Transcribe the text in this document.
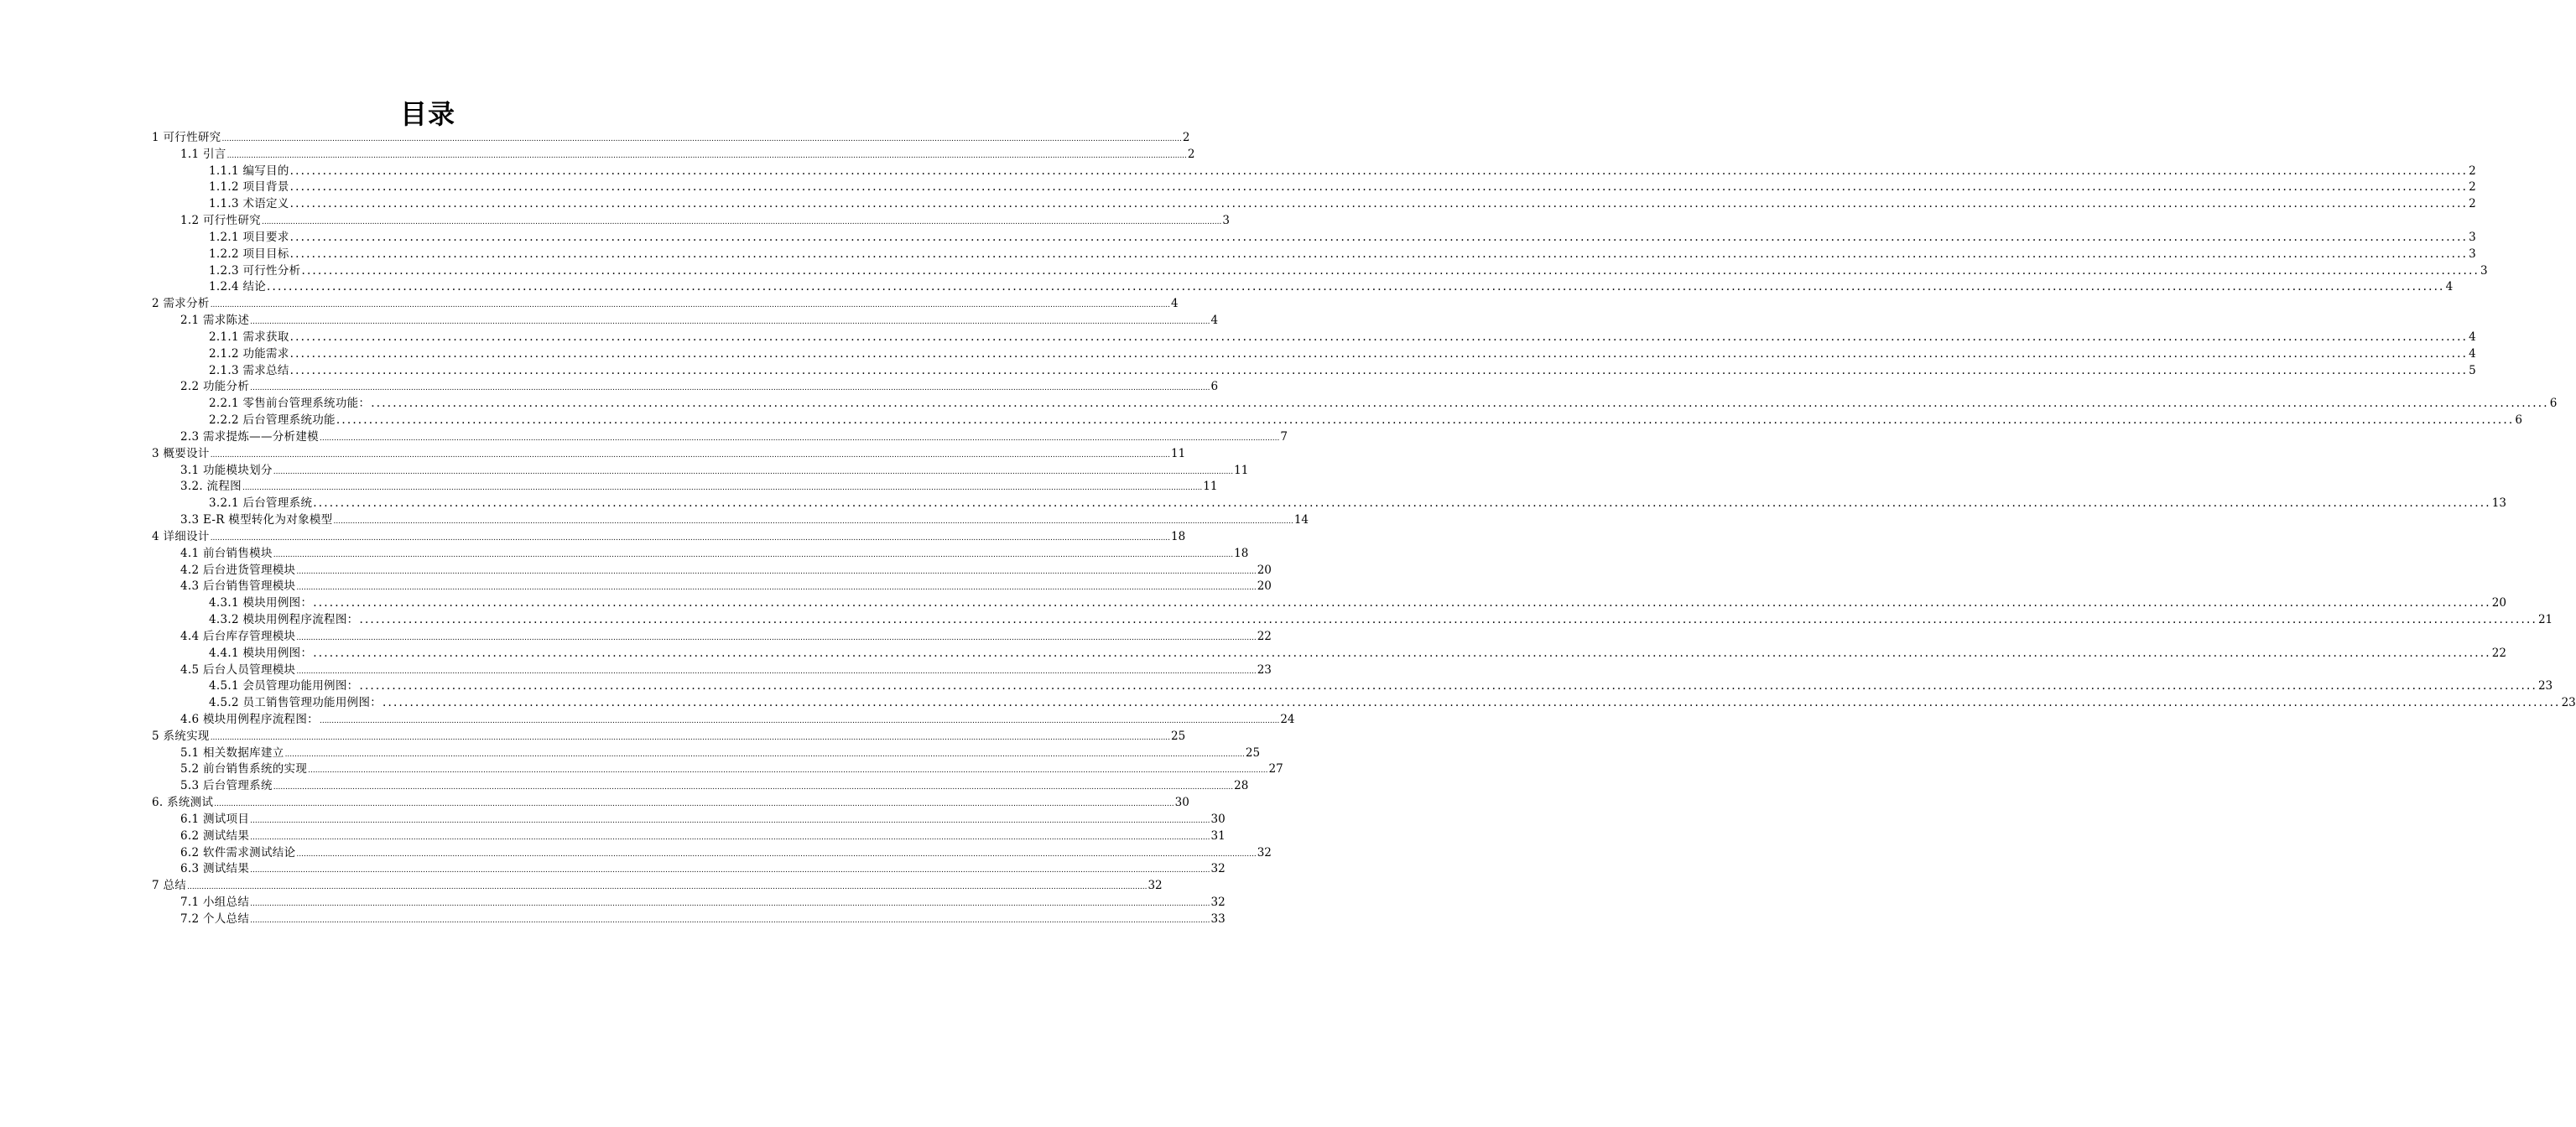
目录
1 可行性研究 ................................................................................................................................................................................................................................................................................................................................................................................................................ 2
1.1 引言 ................................................................................................................................................................................................................................................................................................................................................................................................................ 2
1.1.1 编写目的 ................................................................................................................................................................................................................................................................................................................................................................................................................ 2
1.1.2 项目背景 ................................................................................................................................................................................................................................................................................................................................................................................................................ 2
1.1.3 术语定义 ................................................................................................................................................................................................................................................................................................................................................................................................................ 2
1.2 可行性研究 ................................................................................................................................................................................................................................................................................................................................................................................................................ 3
1.2.1 项目要求 ................................................................................................................................................................................................................................................................................................................................................................................................................ 3
1.2.2 项目目标 ................................................................................................................................................................................................................................................................................................................................................................................................................ 3
1.2.3 可行性分析 ................................................................................................................................................................................................................................................................................................................................................................................................................ 3
1.2.4 结论 ................................................................................................................................................................................................................................................................................................................................................................................................................ 4
2 需求分析 ................................................................................................................................................................................................................................................................................................................................................................................................................ 4
2.1 需求陈述 ................................................................................................................................................................................................................................................................................................................................................................................................................ 4
2.1.1 需求获取 ................................................................................................................................................................................................................................................................................................................................................................................................................ 4
2.1.2 功能需求 ................................................................................................................................................................................................................................................................................................................................................................................................................ 4
2.1.3 需求总结 ................................................................................................................................................................................................................................................................................................................................................................................................................ 5
2.2 功能分析 ................................................................................................................................................................................................................................................................................................................................................................................................................ 6
2.2.1 零售前台管理系统功能： ................................................................................................................................................................................................................................................................................................................................................................................................................ 6
2.2.2 后台管理系统功能 ................................................................................................................................................................................................................................................................................................................................................................................................................ 6
2.3 需求提炼——分析建模 ................................................................................................................................................................................................................................................................................................................................................................................................................ 7
3 概要设计 ................................................................................................................................................................................................................................................................................................................................................................................................................ 11
3.1 功能模块划分 ................................................................................................................................................................................................................................................................................................................................................................................................................ 11
3.2. 流程图 ................................................................................................................................................................................................................................................................................................................................................................................................................ 11
3.2.1 后台管理系统 ................................................................................................................................................................................................................................................................................................................................................................................................................ 13
3.3 E-R 模型转化为对象模型 ................................................................................................................................................................................................................................................................................................................................................................................................................ 14
4 详细设计 ................................................................................................................................................................................................................................................................................................................................................................................................................ 18
4.1 前台销售模块 ................................................................................................................................................................................................................................................................................................................................................................................................................ 18
4.2 后台进货管理模块 ................................................................................................................................................................................................................................................................................................................................................................................................................ 20
4.3 后台销售管理模块 ................................................................................................................................................................................................................................................................................................................................................................................................................ 20
4.3.1 模块用例图： ................................................................................................................................................................................................................................................................................................................................................................................................................ 20
4.3.2 模块用例程序流程图： ................................................................................................................................................................................................................................................................................................................................................................................................................ 21
4.4 后台库存管理模块 ................................................................................................................................................................................................................................................................................................................................................................................................................ 22
4.4.1 模块用例图： ................................................................................................................................................................................................................................................................................................................................................................................................................ 22
4.5 后台人员管理模块 ................................................................................................................................................................................................................................................................................................................................................................................................................ 23
4.5.1 会员管理功能用例图： ................................................................................................................................................................................................................................................................................................................................................................................................................ 23
4.5.2 员工销售管理功能用例图： ................................................................................................................................................................................................................................................................................................................................................................................................................ 23
4.6 模块用例程序流程图： ................................................................................................................................................................................................................................................................................................................................................................................................................ 24
5 系统实现 ................................................................................................................................................................................................................................................................................................................................................................................................................ 25
5.1 相关数据库建立 ................................................................................................................................................................................................................................................................................................................................................................................................................ 25
5.2 前台销售系统的实现 ................................................................................................................................................................................................................................................................................................................................................................................................................ 27
5.3 后台管理系统 ................................................................................................................................................................................................................................................................................................................................................................................................................ 28
6. 系统测试 ................................................................................................................................................................................................................................................................................................................................................................................................................ 30
6.1 测试项目 ................................................................................................................................................................................................................................................................................................................................................................................................................ 30
6.2 测试结果 ................................................................................................................................................................................................................................................................................................................................................................................................................ 31
6.2 软件需求测试结论 ................................................................................................................................................................................................................................................................................................................................................................................................................ 32
6.3 测试结果 ................................................................................................................................................................................................................................................................................................................................................................................................................ 32
7 总结 ................................................................................................................................................................................................................................................................................................................................................................................................................ 32
7.1 小组总结 ................................................................................................................................................................................................................................................................................................................................................................................................................ 32
7.2 个人总结 ................................................................................................................................................................................................................................................................................................................................................................................................................ 33
